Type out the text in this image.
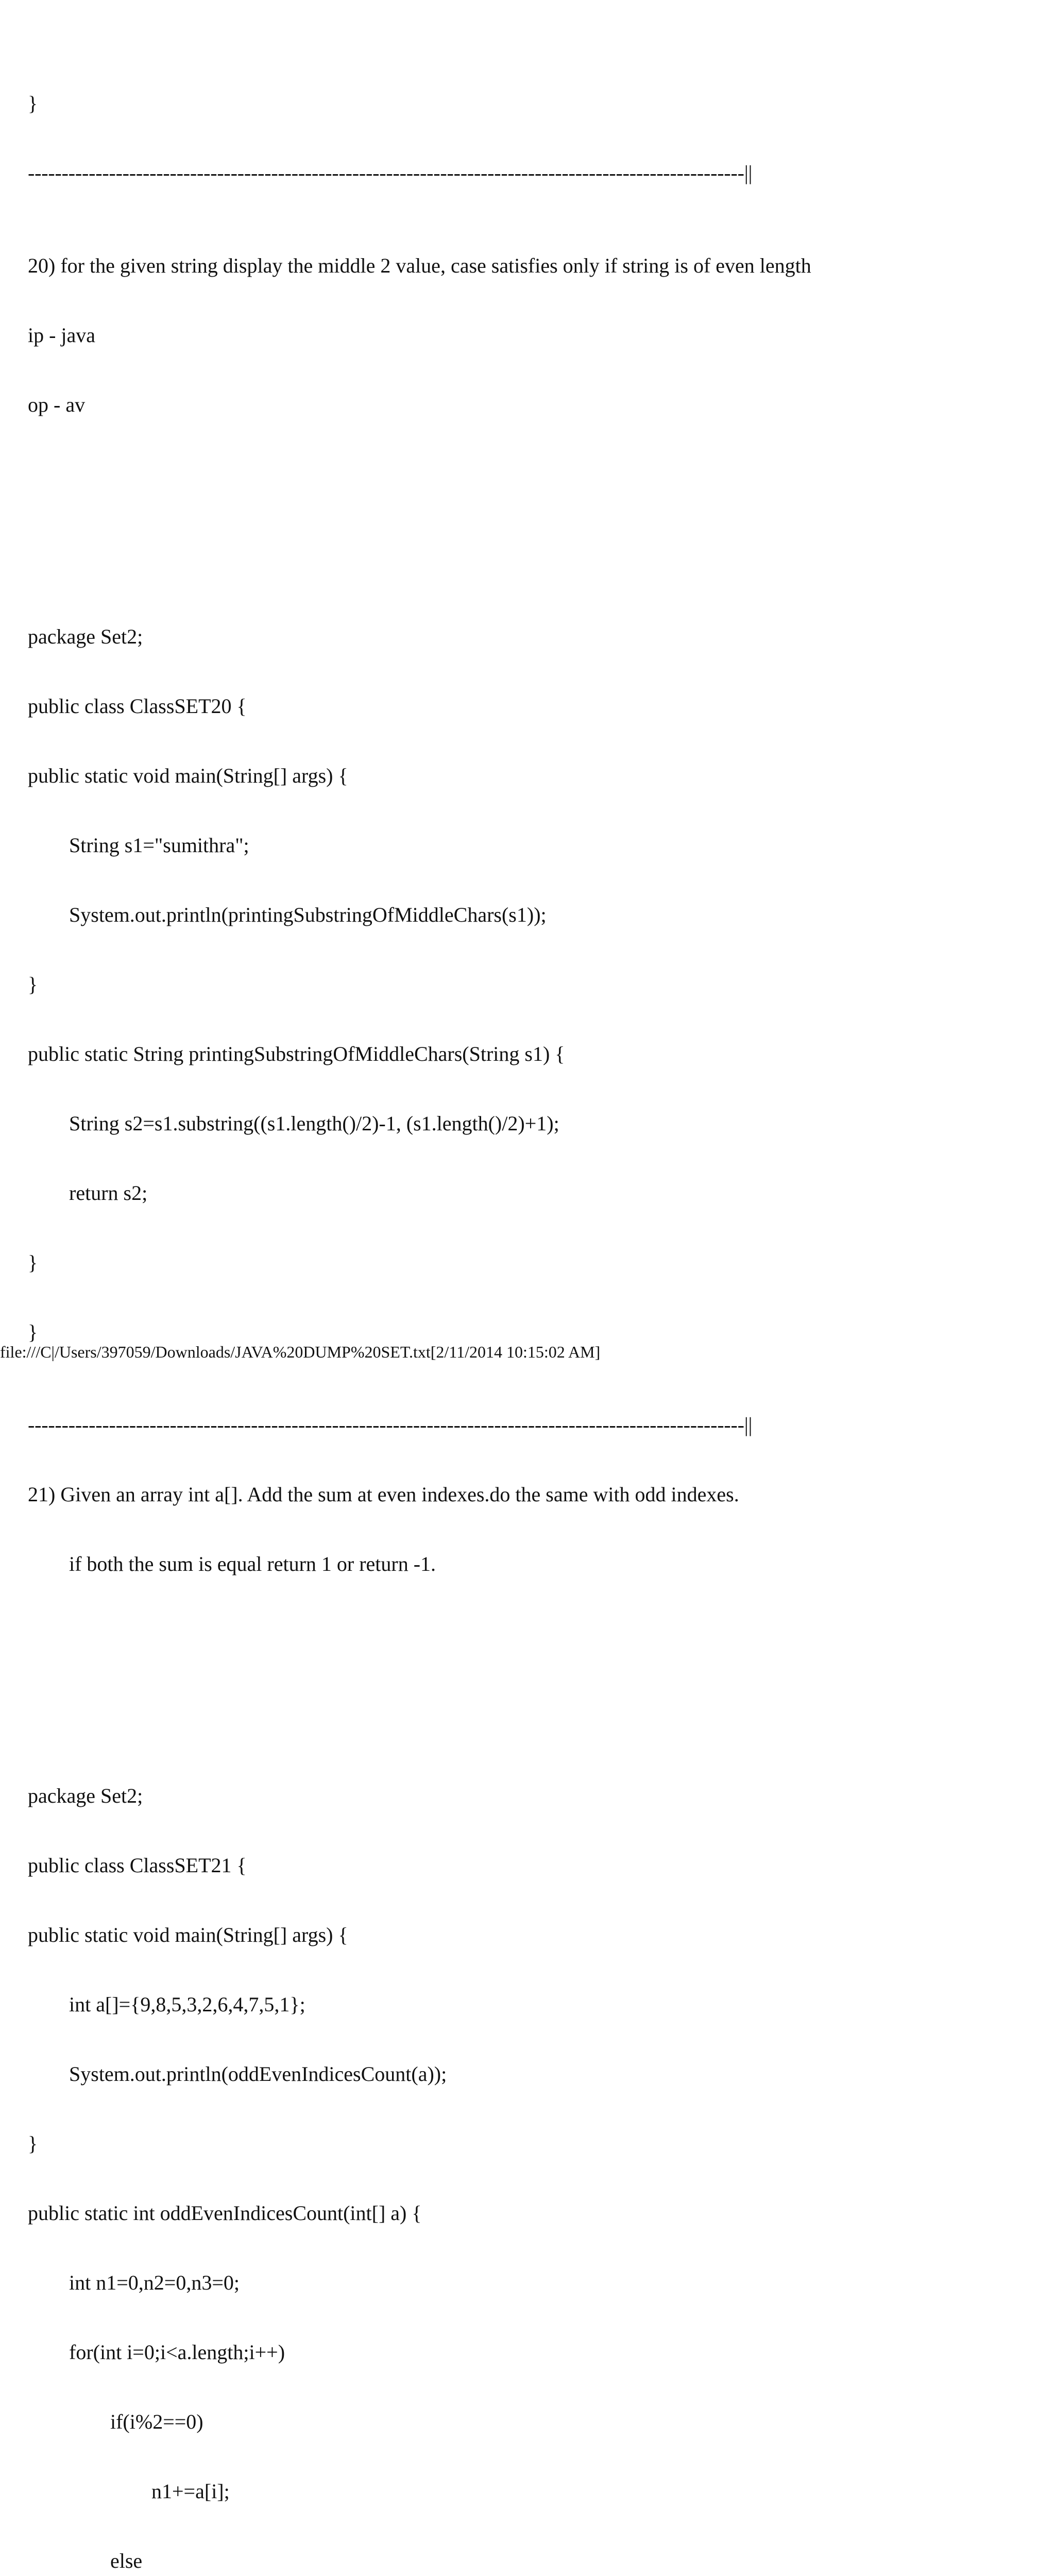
}

----------------------------------------------------------------------------------------------------------||

20) for the given string display the middle 2 value, case satisfies only if string is of even length

ip - java

op - av

package Set2;

public class ClassSET20 {

public static void main(String[] args) {

String s1="sumithra";

System.out.println(printingSubstringOfMiddleChars(s1));

}

public static String printingSubstringOfMiddleChars(String s1) {

String s2=s1.substring((s1.length()/2)-1, (s1.length()/2)+1);

return s2;

}

}

----------------------------------------------------------------------------------------------------------||

21) Given an array int a[]. Add the sum at even indexes.do the same with odd indexes.

if both the sum is equal return 1 or return -1.

package Set2;

public class ClassSET21 {

public static void main(String[] args) {

int a[]={9,8,5,3,2,6,4,7,5,1};

System.out.println(oddEvenIndicesCount(a));

}

public static int oddEvenIndicesCount(int[] a) {

int n1=0,n2=0,n3=0;

for(int i=0;i<a.length;i++)

if(i%2==0)

n1+=a[i];

else

file:///C|/Users/397059/Downloads/JAVA%20DUMP%20SET.txt[2/11/2014 10:15:02 AM]
